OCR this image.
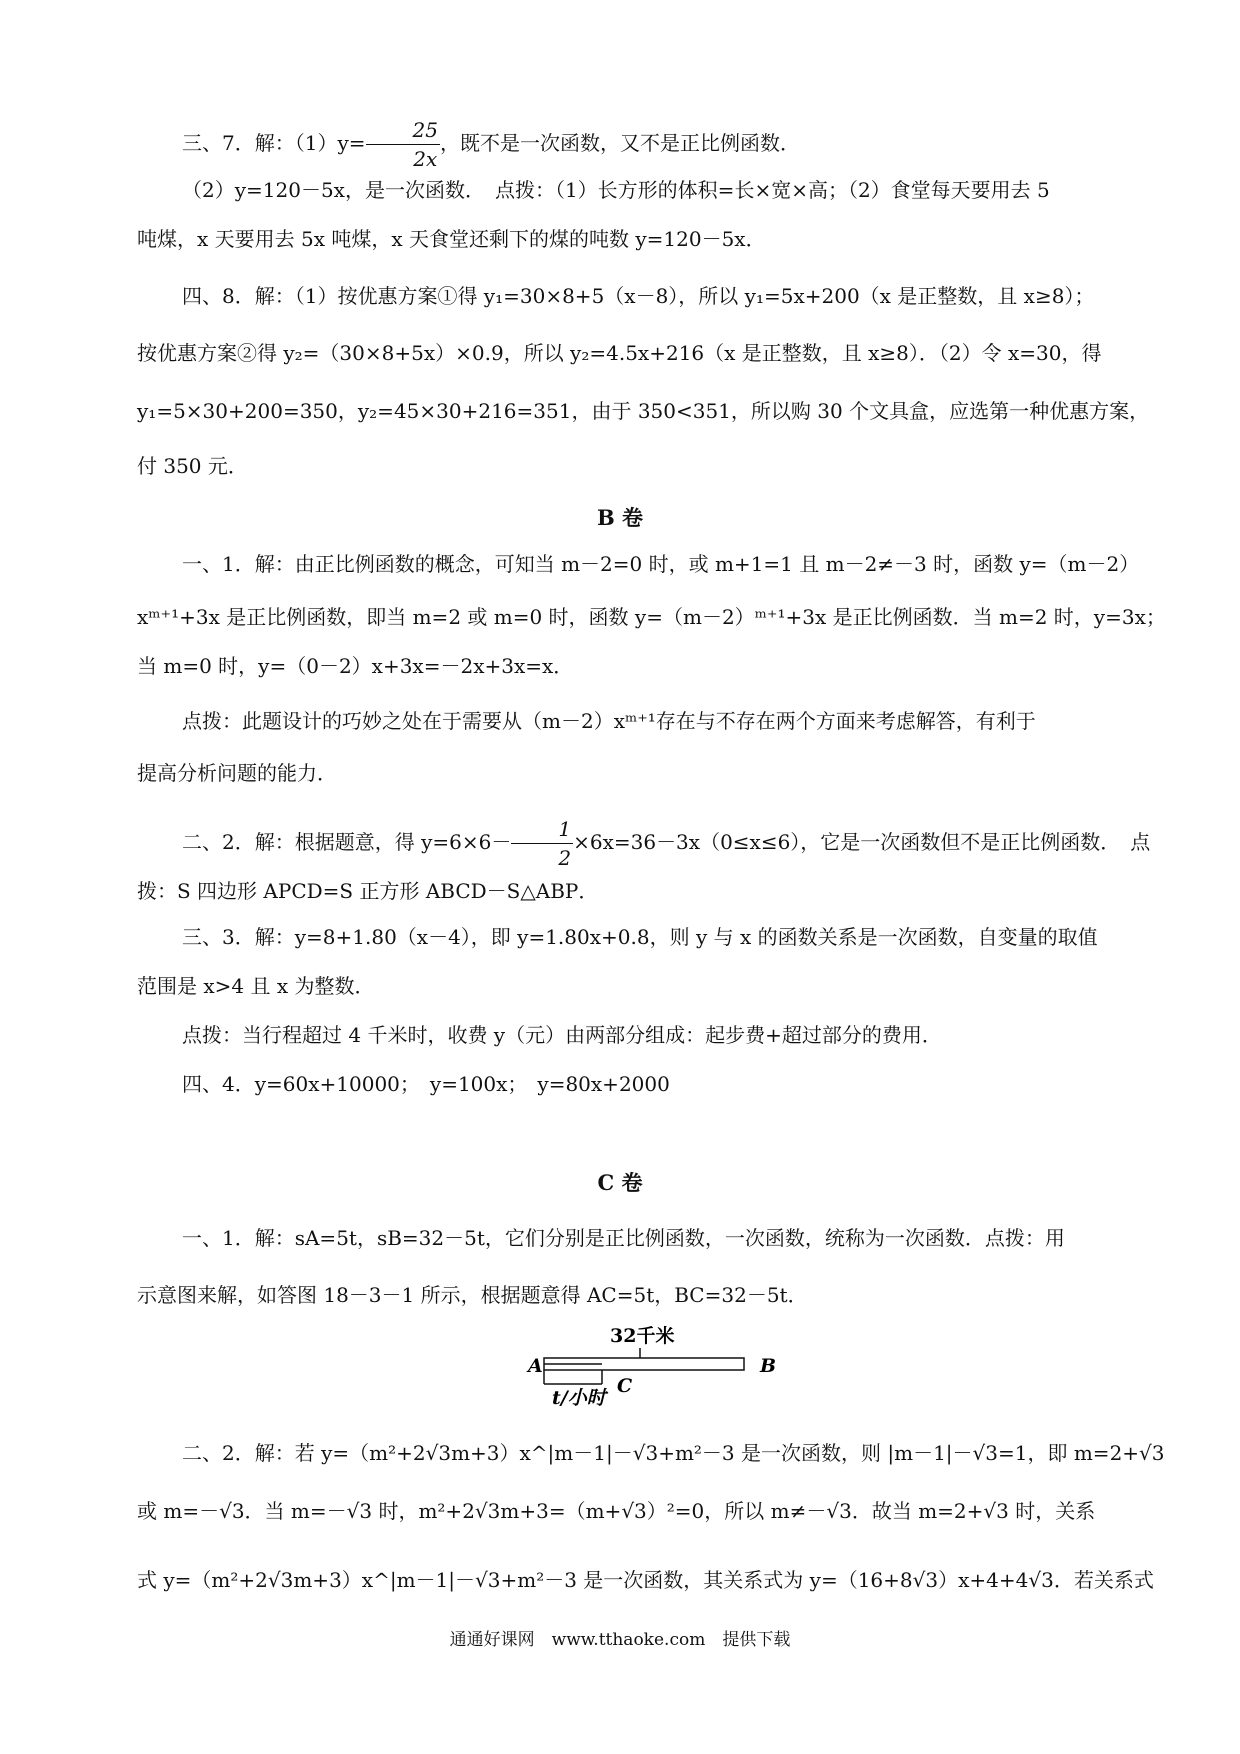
三、7．解：$(1)y= \frac{25}{2x}$ ，既不是一次函数，又不是正比例函数．
（2）y=120－5x，是一次函数．　点拨：（1）长方形的体积=长×宽×高；（2）食堂每天要用去 5
吨煤，x 天要用去 5x 吨煤，x 天食堂还剩下的煤的吨数 y=120－5x．
四、8．解：（1）按优惠方案①得 y₁=30×8+5（x－8），所以 y₁=5x+200（x 是正整数，且 x≥8）；
按优惠方案②得 y₂=（30×8+5x）×0.9，所以 y₂=4.5x+216（x 是正整数，且 x≥8）．（2）令 x=30，得
y₁=5×30+200=350，y₂=45×30+216=351，由于 350<351，所以购 30 个文具盒，应选第一种优惠方案，
付 350 元．
B 卷
一、1．解：由正比例函数的概念，可知当 m－2=0 时，或 m+1=1 且 m－2≠－3 时，函数 y=（m－2）
xᵐ⁺¹+3x 是正比例函数，即当 m=2 或 m=0 时，函数 y=（m－2）ᵐ⁺¹+3x 是正比例函数．当 m=2 时，y=3x；
当 m=0 时，y=（0－2）x+3x=－2x+3x=x．
点拨：此题设计的巧妙之处在于需要从（m－2）xᵐ⁺¹存在与不存在两个方面来考虑解答，有利于
提高分析问题的能力．
二、2．解：根据题意，得 $y=6\times 6- \frac{1}{2} \times 6x=36-3x(0\le x\le 6)$，它是一次函数但不是正比例函数．　点
拨：S 四边形 APCD=S 正方形 ABCD－S△ABP．
三、3．解：y=8+1.80（x－4），即 y=1.80x+0.8，则 y 与 x 的函数关系是一次函数，自变量的取值
范围是 x>4 且 x 为整数．
点拨：当行程超过 4 千米时，收费 y（元）由两部分组成：起步费+超过部分的费用．
四、4．y=60x+10000；　y=100x；　y=80x+2000
C 卷
一、1．解：sA=5t，sB=32－5t，它们分别是正比例函数，一次函数，统称为一次函数．点拨：用
示意图来解，如答图 18－3－1 所示，根据题意得 AC=5t，BC=32－5t．
32千米
A	B
C
t/小时
二、2．解：若 y=（m²+2√3m+3）x^|m－1|－√3+m²－3 是一次函数，则 |m－1|－√3=1，即 m=2+√3
或 m=－√3．当 m=－√3 时，m²+2√3m+3=（m+√3）²=0，所以 m≠－√3．故当 m=2+√3 时，关系
式 y=（m²+2√3m+3）x^|m－1|－√3+m²－3 是一次函数，其关系式为 y=（16+8√3）x+4+4√3．若关系式
通通好课网　www.tthaoke.com　提供下载
